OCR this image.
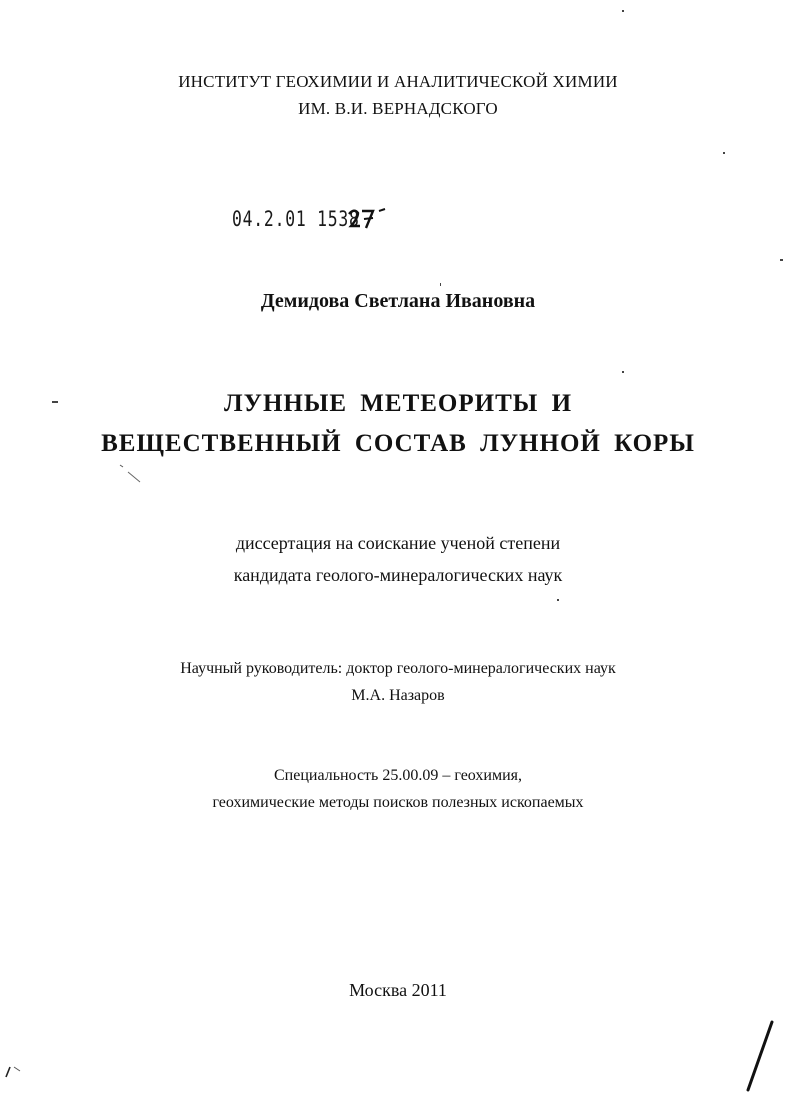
ИНСТИТУТ ГЕОХИМИИ И АНАЛИТИЧЕСКОЙ ХИМИИ
ИМ. В.И. ВЕРНАДСКОГО
04.2.01 1538
Демидова Светлана Ивановна
ЛУННЫЕ МЕТЕОРИТЫ И
ВЕЩЕСТВЕННЫЙ СОСТАВ ЛУННОЙ КОРЫ
диссертация на соискание ученой степени
кандидата геолого-минералогических наук
Научный руководитель: доктор геолого-минералогических наук
М.А. Назаров
Специальность 25.00.09 – геохимия,
геохимические методы поисков полезных ископаемых
Москва 2011
